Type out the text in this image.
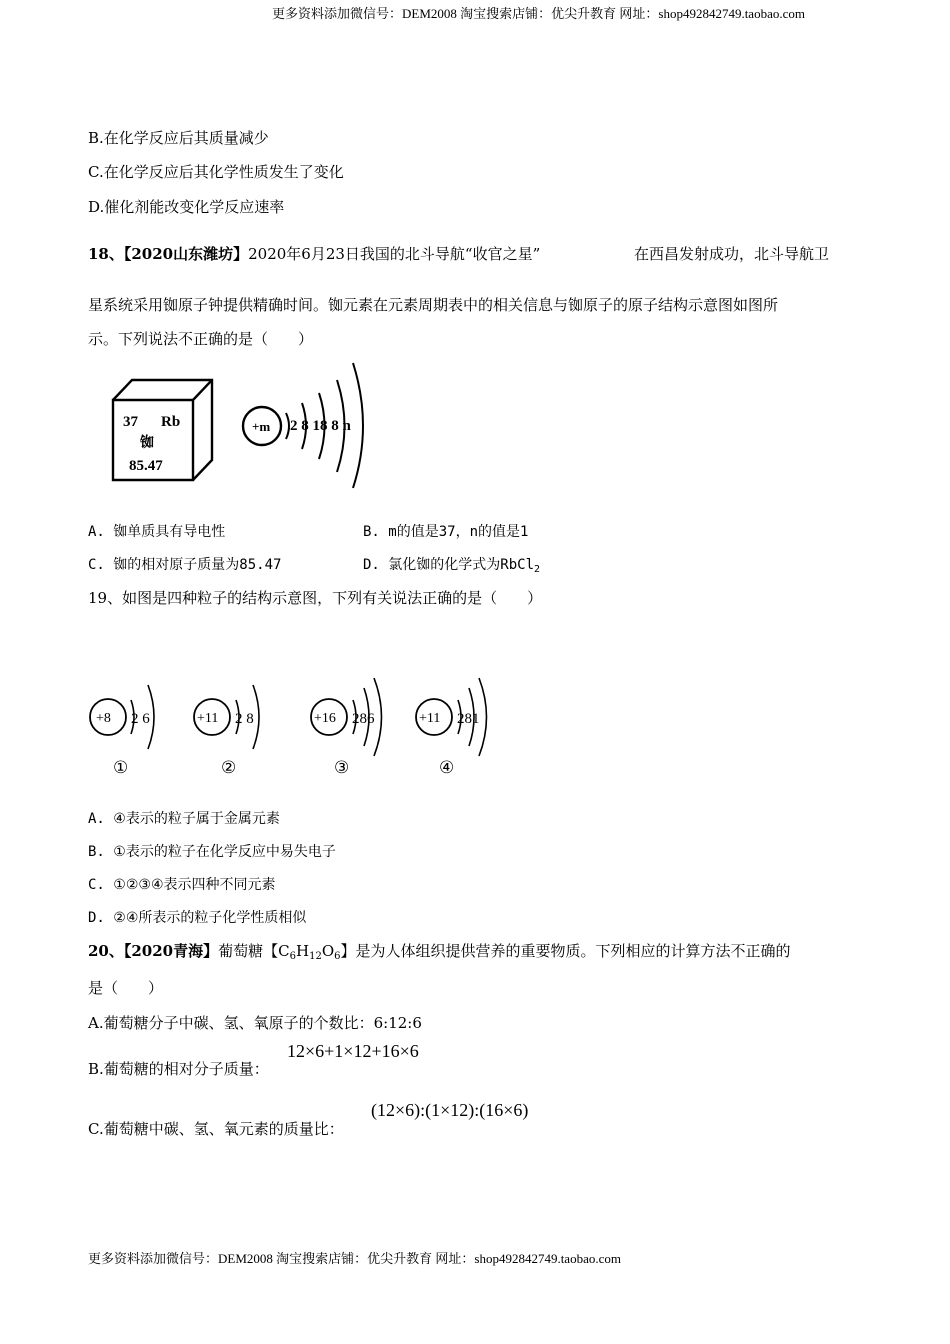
更多资料添加微信号：DEM2008 淘宝搜索店铺：优尖升教育 网址：shop492842749.taobao.com
B.在化学反应后其质量减少
C.在化学反应后其化学性质发生了变化
D.催化剂能改变化学反应速率
18、【2020山东潍坊】2020年6月23日我国的北斗导航“收官之星”	在西昌发射成功，北斗导航卫
星系统采用铷原子钟提供精确时间。铷元素在元素周期表中的相关信息与铷原子的原子结构示意图如图所
示。下列说法不正确的是（　　）
37 Rb
铷
85.47
+m 2 8 18 8 n
A. 铷单质具有导电性	B. m的值是37，n的值是1
C. 铷的相对原子质量为85.47	D. 氯化铷的化学式为RbCl$_2$
19、如图是四种粒子的结构示意图，下列有关说法正确的是（　　）
+8 2 6
①
+11 2 8
②
+16 286
③
+11 281
④
A. ④表示的粒子属于金属元素
B. ①表示的粒子在化学反应中易失电子
C. ①②③④表示四种不同元素
D. ②④所表示的粒子化学性质相似
20、【2020青海】葡萄糖【$C_6H_{12}O_6$】是为人体组织提供营养的重要物质。下列相应的计算方法不正确的
是（　　）
A.葡萄糖分子中碳、氢、氧原子的个数比：6:12:6
B.葡萄糖的相对分子质量：
12×6+1×12+16×6
C.葡萄糖中碳、氢、氧元素的质量比：
(12×6):(1×12):(16×6)
更多资料添加微信号：DEM2008 淘宝搜索店铺：优尖升教育 网址：shop492842749.taobao.com
